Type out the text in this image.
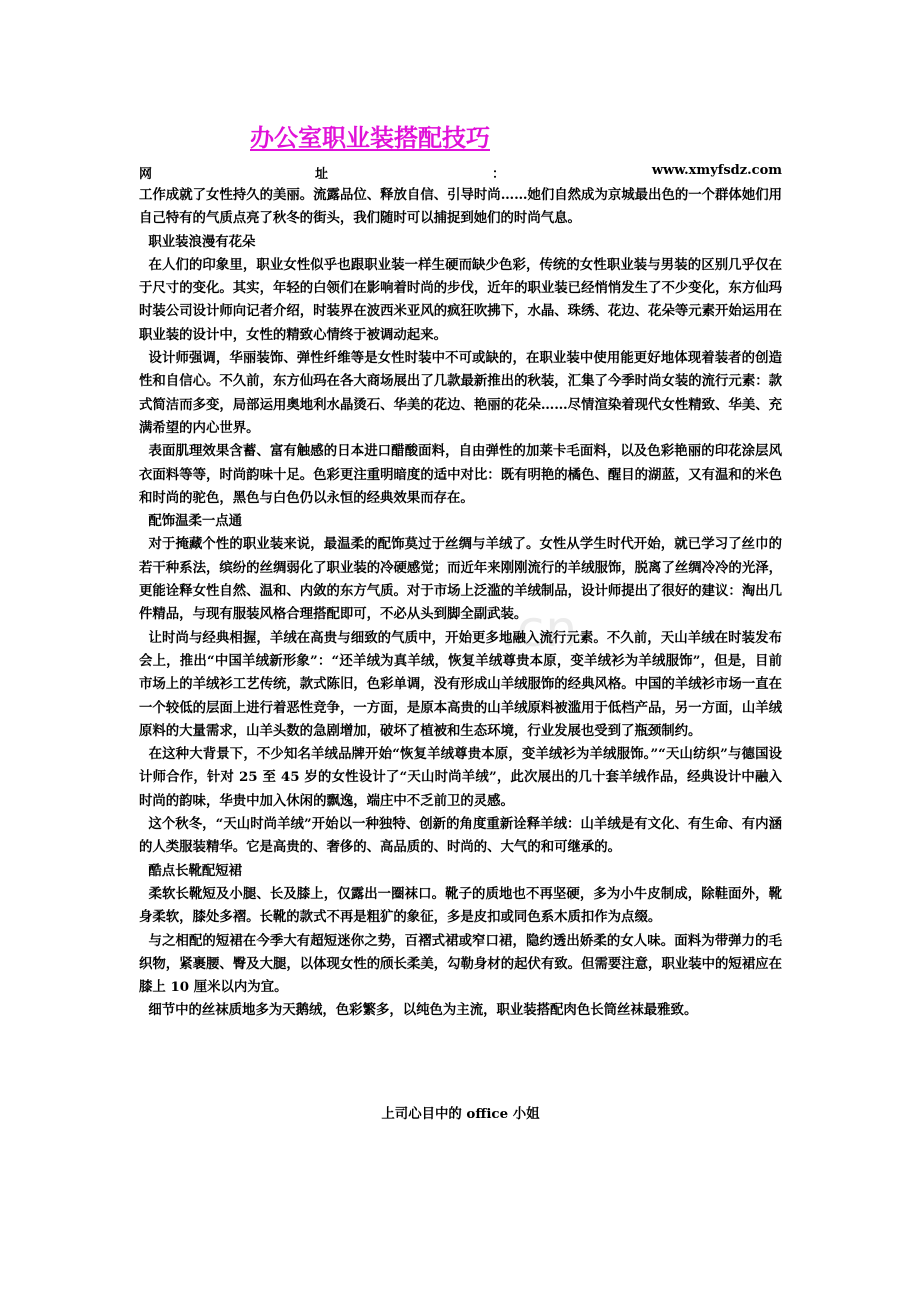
.cn
办公室职业装搭配技巧
网	址	：	www.xmyfsdz.com

工作成就了女性持久的美丽。流露品位、释放自信、引导时尚……她们自然成为京城最出色的一个群体她们用自己特有的气质点亮了秋冬的街头，我们随时可以捕捉到她们的时尚气息。

职业装浪漫有花朵

在人们的印象里，职业女性似乎也跟职业装一样生硬而缺少色彩，传统的女性职业装与男装的区别几乎仅在于尺寸的变化。其实，年轻的白领们在影响着时尚的步伐，近年的职业装已经悄悄发生了不少变化，东方仙玛时装公司设计师向记者介绍，时装界在波西米亚风的疯狂吹拂下，水晶、珠绣、花边、花朵等元素开始运用在职业装的设计中，女性的精致心情终于被调动起来。

设计师强调，华丽装饰、弹性纤维等是女性时装中不可或缺的，在职业装中使用能更好地体现着装者的创造性和自信心。不久前，东方仙玛在各大商场展出了几款最新推出的秋装，汇集了今季时尚女装的流行元素：款式简洁而多变，局部运用奥地利水晶烫石、华美的花边、艳丽的花朵……尽情渲染着现代女性精致、华美、充满希望的内心世界。

表面肌理效果含蓄、富有触感的日本进口醋酸面料，自由弹性的加莱卡毛面料，以及色彩艳丽的印花涂层风衣面料等等，时尚韵味十足。色彩更注重明暗度的适中对比：既有明艳的橘色、醒目的湖蓝，又有温和的米色和时尚的驼色，黑色与白色仍以永恒的经典效果而存在。

配饰温柔一点通

对于掩藏个性的职业装来说，最温柔的配饰莫过于丝绸与羊绒了。女性从学生时代开始，就已学习了丝巾的若干种系法，缤纷的丝绸弱化了职业装的冷硬感觉；而近年来刚刚流行的羊绒服饰，脱离了丝绸冷冷的光泽，更能诠释女性自然、温和、内敛的东方气质。对于市场上泛滥的羊绒制品，设计师提出了很好的建议：淘出几件精品，与现有服装风格合理搭配即可，不必从头到脚全副武装。

让时尚与经典相握，羊绒在高贵与细致的气质中，开始更多地融入流行元素。不久前，天山羊绒在时装发布会上，推出“中国羊绒新形象”：“还羊绒为真羊绒，恢复羊绒尊贵本原，变羊绒衫为羊绒服饰”，但是，目前市场上的羊绒衫工艺传统，款式陈旧，色彩单调，没有形成山羊绒服饰的经典风格。中国的羊绒衫市场一直在一个较低的层面上进行着恶性竞争，一方面，是原本高贵的山羊绒原料被滥用于低档产品，另一方面，山羊绒原料的大量需求，山羊头数的急剧增加，破坏了植被和生态环境，行业发展也受到了瓶颈制约。

在这种大背景下，不少知名羊绒品牌开始“恢复羊绒尊贵本原，变羊绒衫为羊绒服饰。”“天山纺织”与德国设计师合作，针对 25 至 45 岁的女性设计了“天山时尚羊绒”，此次展出的几十套羊绒作品，经典设计中融入时尚的韵味，华贵中加入休闲的飘逸，端庄中不乏前卫的灵感。

这个秋冬，“天山时尚羊绒”开始以一种独特、创新的角度重新诠释羊绒：山羊绒是有文化、有生命、有内涵的人类服装精华。它是高贵的、奢侈的、高品质的、时尚的、大气的和可继承的。

酷点长靴配短裙

柔软长靴短及小腿、长及膝上，仅露出一圈袜口。靴子的质地也不再坚硬，多为小牛皮制成，除鞋面外，靴身柔软，膝处多褶。长靴的款式不再是粗犷的象征，多是皮扣或同色系木质扣作为点缀。

与之相配的短裙在今季大有超短迷你之势，百褶式裙或窄口裙，隐约透出娇柔的女人味。面料为带弹力的毛织物，紧裹腰、臀及大腿，以体现女性的颀长柔美，勾勒身材的起伏有致。但需要注意，职业装中的短裙应在膝上 10 厘米以内为宜。

细节中的丝袜质地多为天鹅绒，色彩繁多，以纯色为主流，职业装搭配肉色长筒丝袜最雅致。

上司心目中的 office 小姐
